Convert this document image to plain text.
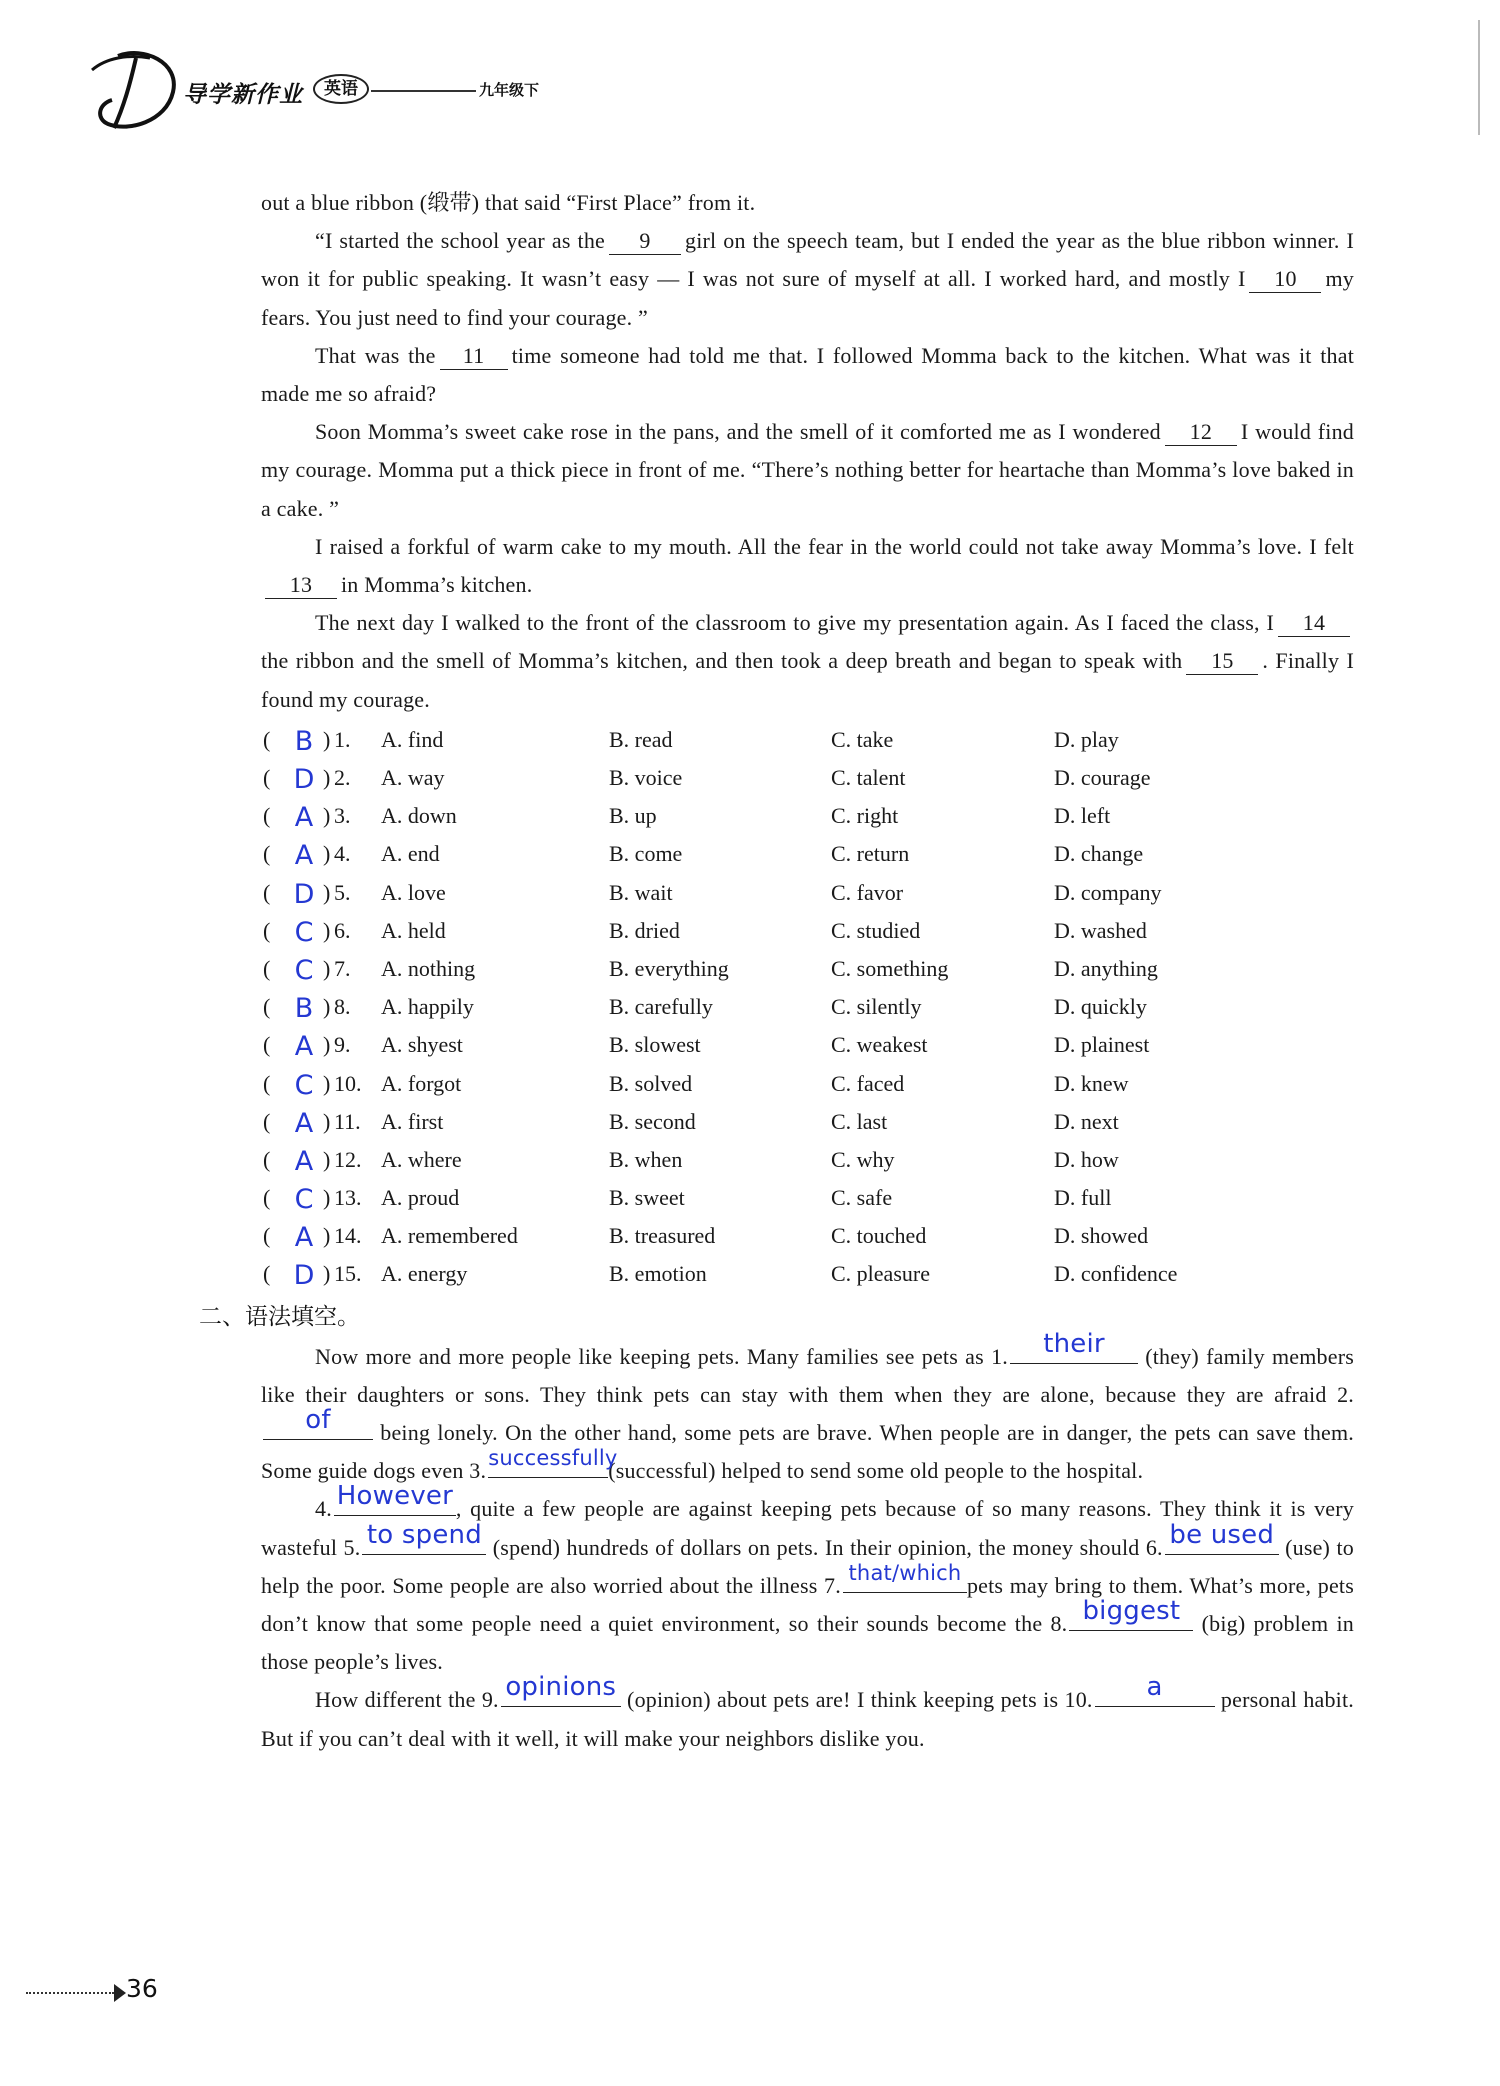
导学新作业	英语	九年级下

out a blue ribbon (缎带) that said “First Place” from it.

“I started the school year as the 9 girl on the speech team, but I ended the year as the blue ribbon winner. I won it for public speaking. It wasn’t easy — I was not sure of myself at all. I worked hard, and mostly I 10 my fears. You just need to find your courage. ”

That was the 11 time someone had told me that. I followed Momma back to the kitchen. What was it that made me so afraid?

Soon Momma’s sweet cake rose in the pans, and the smell of it comforted me as I wondered 12 I would find my courage. Momma put a thick piece in front of me. “There’s nothing better for heartache than Momma’s love baked in a cake. ”

I raised a forkful of warm cake to my mouth. All the fear in the world could not take away Momma’s love. I felt13 in Momma’s kitchen.

The next day I walked to the front of the classroom to give my presentation again. As I faced the class, I 14the ribbon and the smell of Momma’s kitchen, and then took a deep breath and began to speak with 15 . Finally I found my courage.

( B ) 1. A. find	B. read	C. take	D. play
( D ) 2. A. way	B. voice	C. talent	D. courage
( A ) 3. A. down	B. up	C. right	D. left
( A ) 4. A. end	B. come	C. return	D. change
( D ) 5. A. love	B. wait	C. favor	D. company
( C ) 6. A. held	B. dried	C. studied	D. washed
( C ) 7. A. nothing	B. everything	C. something	D. anything
( B ) 8. A. happily	B. carefully	C. silently	D. quickly
( A ) 9. A. shyest	B. slowest	C. weakest	D. plainest
( C ) 10. A. forgot	B. solved	C. faced	D. knew
( A ) 11. A. first	B. second	C. last	D. next
( A ) 12. A. where	B. when	C. why	D. how
( C ) 13. A. proud	B. sweet	C. safe	D. full
( A ) 14. A. remembered	B. treasured	C. touched	D. showed
( D ) 15. A. energy	B. emotion	C. pleasure	D. confidence
二、语法填空。

Now more and more people like keeping pets. Many families see pets as 1.	their	(they) family members like their daughters or sons. They think pets can stay with them when they are alone, because they are afraid 2.
of	being lonely. On the other hand, some pets are brave. When people are in danger, the pets can save them. Some guide dogs even 3. successfully
(successful) helped to send some old people to the hospital.

4. However , quite a few people are against keeping pets because of so many reasons. They think it is very wasteful 5. to spend (spend) hundreds of dollars on pets. In their opinion, the money should 6. be used (use) to help the poor. Some people are also worried about the illness 7. that/which pets may bring to them. What’s more, pets don’t know that some people need a quiet environment, so their sounds become the 8. biggest (big) problem in those people’s lives.

How different the 9. opinions (opinion) about pets are! I think keeping pets is 10.	a	personal habit. But if you can’t deal with it well, it will make your neighbors dislike you.

36
